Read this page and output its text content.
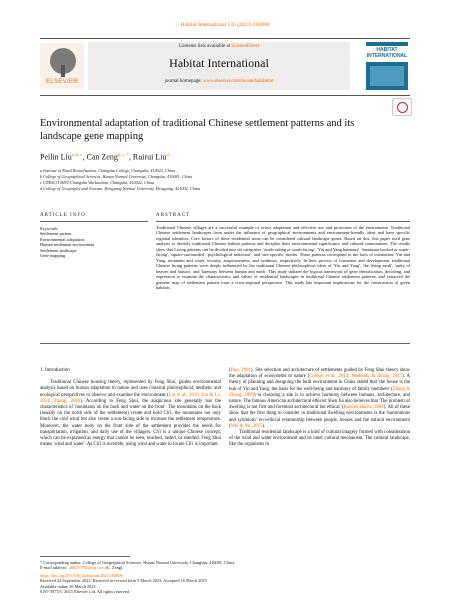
Habitat International 135 (2023) 102806
ELSEVIER
Contents lists available at ScienceDirect
Habitat International
journal homepage: www.elsevier.com/locate/habitatint
HABITAT INTERNATIONAL
Environmental adaptation of traditional Chinese settlement patterns and its landscape gene mapping
Peilin Liu$^{a, b, c}$, Can Zeng$^{b, c, *}$, Ruirui Liu$^d$
a Institute of Rural Revitalization, Changsha College, Changsha, 410022, China
b College of Geographical Sciences, Hunan Normal University, Changsha, 410081, China
c UNESCO HIST Changsha Workstation, Changsha, 410022, China
d College of Geography and Tourism, Hengyang Normal University, Hengyang, 421002, China
ARTICLE INFO	ABSTRACT
Keywords:
Settlement pattern
Environmental adaptation
Human settlement environment
Settlement landscape
Gene mapping
Traditional Chinese villages are a successful example of active adaptation and effective use and protection of the environment. Traditional Chinese settlement landscapes form under the influence of geographical environments and environment-friendly ideas and have specific regional identities. Core factors of these residential areas can be considered cultural landscape genes. Based on this, this paper used gene analysis to identify traditional Chinese habitat patterns and decipher their environmental significance and cultural connotations. The results show that Living patterns can be divided into six categories: 'north-sitting or south-facing', 'Yin and Yang harmony', 'mountain-backed or water-facing', 'square-surrounded', 'psychological induction', and 'site-specific' modes. These patterns correspond to the laws of orientation: Yin and Yang, mountain and water, security, auspiciousness, and synthesis, respectively. In their process of formation and development, traditional Chinese living patterns were deeply influenced by the traditional Chinese philosophical ideas of 'Yin and Yang', 'the living earth', 'unity of heaven and human', and 'harmony between human and earth'. This study utilized the logical framework of gene identification, decoding, and expression to examine the characteristics and values of residential landscapes in traditional Chinese settlement patterns, and extracted the genome map of settlement pattern from a cross-regional perspective. This study has important implications for the construction of green habitats.
1. Introduction
Traditional Chinese housing theory, represented by Feng Shui, guides environmental analysis based on human adaptation to nature and uses classical philosophical, aesthetic and ecological perspectives to observe and examine the environment (Liu et al., 2019; Liu & Lv, 2011; Zhang, 2016). According to Feng Shui, the auspicious site generally has the characteristics of 'mountains on the back and water on the front'. The mountains on the back (usually on the north side of the settlement) create and hold Ch'i; the mountains not only block the cold wind but also create a sun-facing side to increase the settlement temperature. Moreover, the water body on the front side of the settlement provides the needs for transportation, irrigation, and daily use of the villagers. Ch'i is a unique Chinese concept, which can be explained as energy that cannot be seen, touched, tasted, or smelled. Feng Shui means 'wind and water'. As Ch'i is invisible, using wind and water to locate Ch'i is important
(Han, 2001). Site selection and architecture of settlements guided by Feng Shui theory show the adaptation of ecosystems to nature (Cellker et al., 2014; Madeddu & Zhang, 2017). A theory of planning and designing the built environment in China stated that 'the house is the hub of Yin and Yang, the basis for the well-being and harmony of family members' (Zhang & Zhang, 2009) to choosing a site is to achieve harmony between humans, architecture, and nature. The famous American architectural ethicist Shen Jia also believes that 'The problem of dwelling is not first and foremost architectural but ethical' (Karsten Harris, 2001). All of these show that the first thing to consider in traditional dwelling environments is the 'harmonious and symbiotic' eco-ethical relationship between people, houses and the natural environment (Wei & Xu, 2015).
Traditional residential landscape is a kind of cultural imagery formed with consideration of the wind and water environment and its inner cultural mechanism. The cultural landscape, like the organisms in
* Corresponding author. College of Geographical Sciences, Hunan Normal University, Changsha, 410081, China.
E-mail address: 286197762@qq.com (C. Zeng).
https://doi.org/10.1016/j.habitatint.2023.102806
Received 22 September 2022; Received in revised form 9 March 2023; Accepted 16 March 2023
Available online 26 March 2023
0197-3975/© 2023 Elsevier Ltd. All rights reserved.
